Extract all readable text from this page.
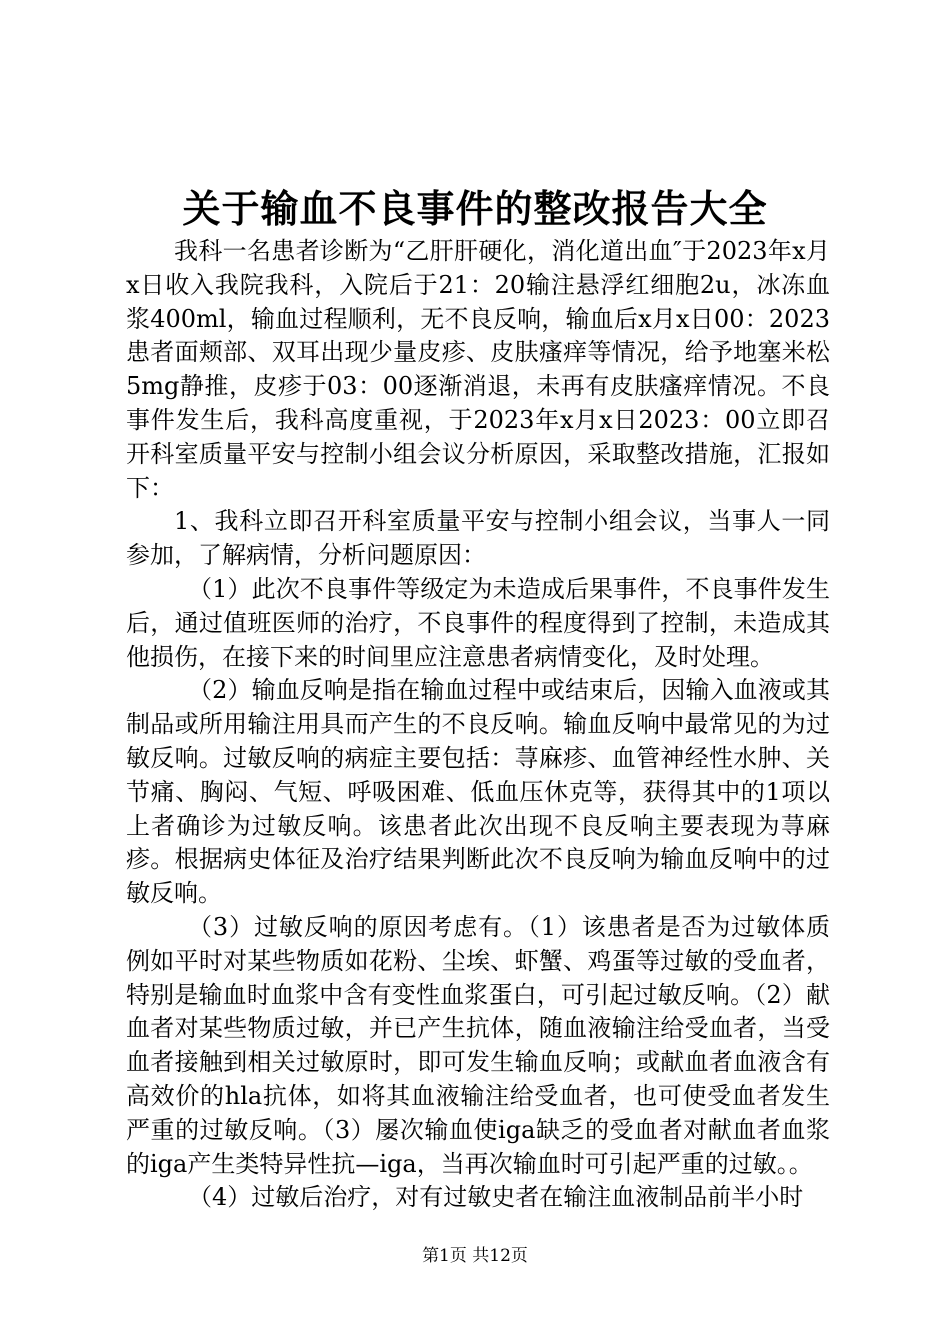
关于输血不良事件的整改报告大全

我科一名患者诊断为“乙肝肝硬化，消化道出血″于2023年x月x日收入我院我科，入院后于21：20输注悬浮红细胞2u，冰冻血浆400ml，输血过程顺利，无不良反响，输血后x月x日00：2023患者面颊部、双耳出现少量皮疹、皮肤瘙痒等情况，给予地塞米松5mg静推，皮疹于03：00逐渐消退，未再有皮肤瘙痒情况。不良事件发生后，我科高度重视，于2023年x月x日2023：00立即召开科室质量平安与控制小组会议分析原因，采取整改措施，汇报如下：

1、我科立即召开科室质量平安与控制小组会议，当事人一同参加，了解病情，分析问题原因：

（1）此次不良事件等级定为未造成后果事件，不良事件发生后，通过值班医师的治疗，不良事件的程度得到了控制，未造成其他损伤，在接下来的时间里应注意患者病情变化，及时处理。

（2）输血反响是指在输血过程中或结束后，因输入血液或其制品或所用输注用具而产生的不良反响。输血反响中最常见的为过敏反响。过敏反响的病症主要包括：荨麻疹、血管神经性水肿、关节痛、胸闷、气短、呼吸困难、低血压休克等，获得其中的1项以上者确诊为过敏反响。该患者此次出现不良反响主要表现为荨麻疹。根据病史体征及治疗结果判断此次不良反响为输血反响中的过敏反响。

（3）过敏反响的原因考虑有。（1）该患者是否为过敏体质例如平时对某些物质如花粉、尘埃、虾蟹、鸡蛋等过敏的受血者，特别是输血时血浆中含有变性血浆蛋白，可引起过敏反响。（2）献血者对某些物质过敏，并已产生抗体，随血液输注给受血者，当受血者接触到相关过敏原时，即可发生输血反响；或献血者血液含有高效价的hla抗体，如将其血液输注给受血者，也可使受血者发生严重的过敏反响。（3）屡次输血使iga缺乏的受血者对献血者血浆的iga产生类特异性抗—iga，当再次输血时可引起严重的过敏。。

（4）过敏后治疗，对有过敏史者在输注血液制品前半小时

第1页 共12页
